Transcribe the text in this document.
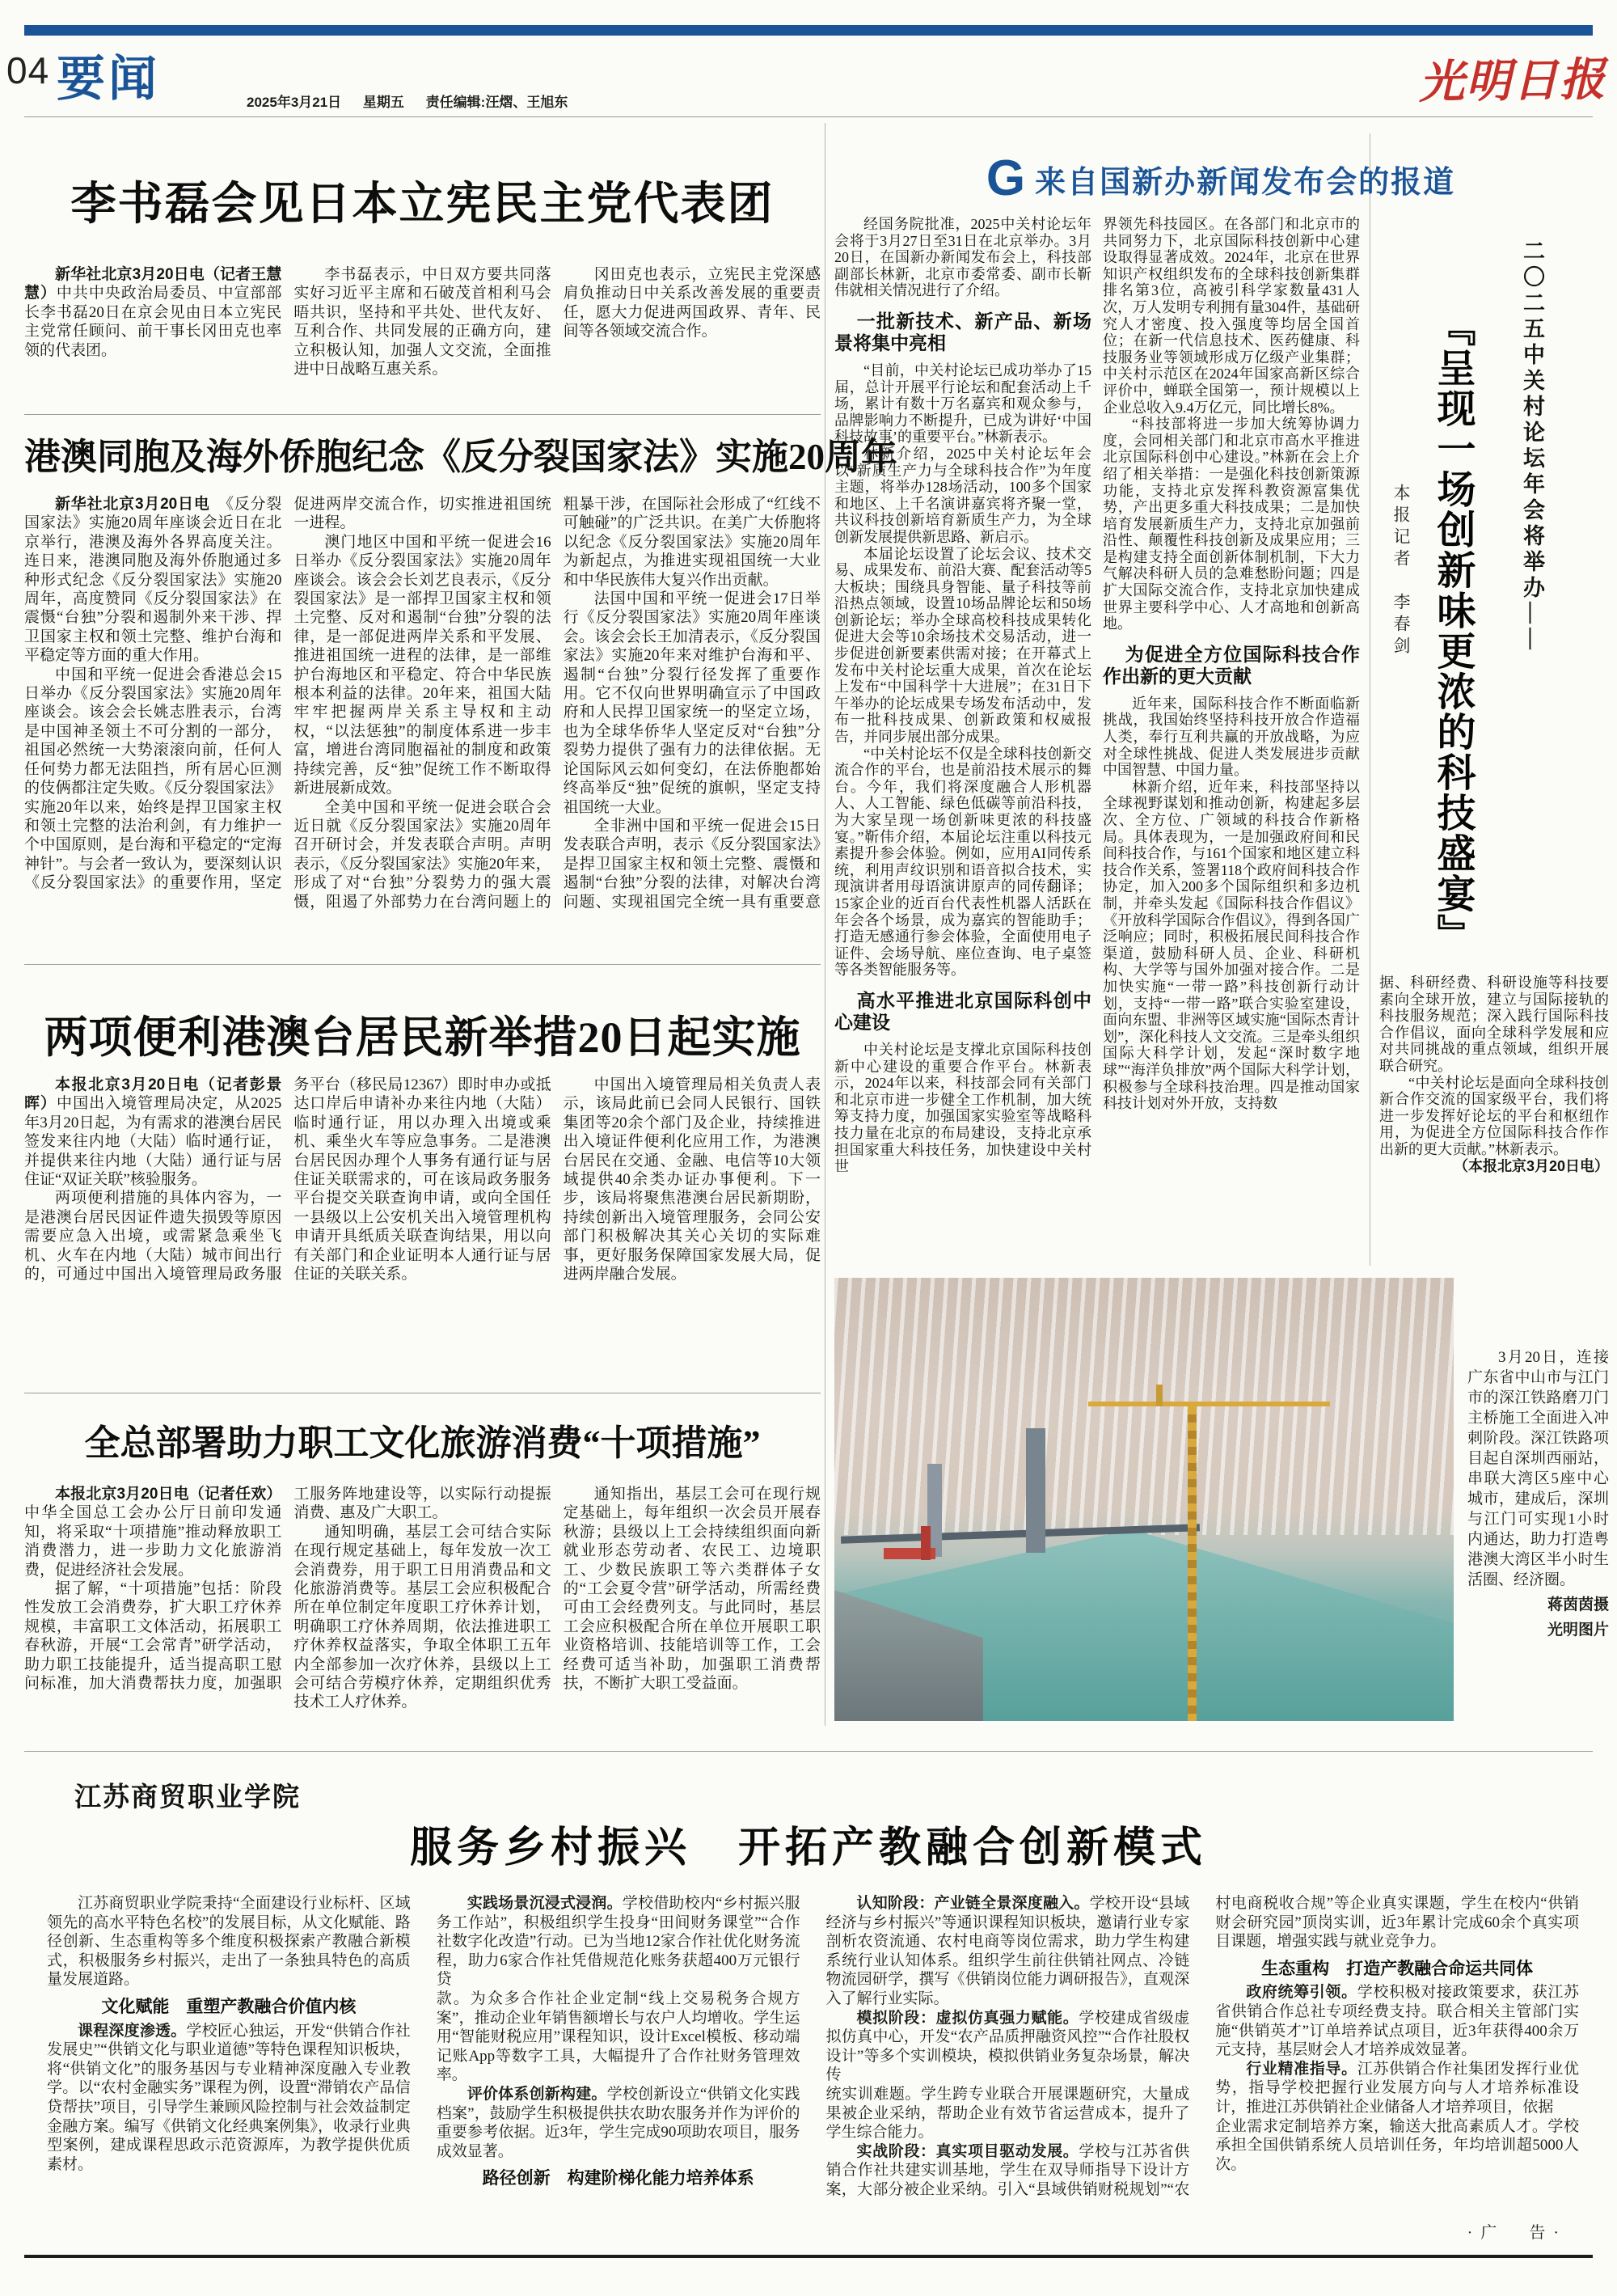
04 要闻	2025年3月21日 星期五 责任编辑:汪熠、王旭东	光明日报
李书磊会见日本立宪民主党代表团

新华社北京3月20日电（记者王慧慧）中共中央政治局委员、中宣部部长李书磊20日在京会见由日本立宪民主党常任顾问、前干事长冈田克也率领的代表团。

李书磊表示，中日双方要共同落实好习近平主席和石破茂首相利马会晤共识，坚持和平共处、世代友好、互利合作、共同发展的正确方向，建立积极认知，加强人文交流，全面推进中日战略互惠关系。

冈田克也表示，立宪民主党深感肩负推动日中关系改善发展的重要责任，愿大力促进两国政界、青年、民间等各领域交流合作。

港澳同胞及海外侨胞纪念《反分裂国家法》实施20周年

新华社北京3月20日电　 《反分裂国家法》实施20周年座谈会近日在北京举行，港澳及海外各界高度关注。连日来，港澳同胞及海外侨胞通过多种形式纪念《反分裂国家法》实施20周年，高度赞同《反分裂国家法》在震慑“台独”分裂和遏制外来干涉、捍卫国家主权和领土完整、维护台海和平稳定等方面的重大作用。

中国和平统一促进会香港总会15日举办《反分裂国家法》实施20周年座谈会。该会会长姚志胜表示，台湾是中国神圣领土不可分割的一部分，祖国必然统一大势滚滚向前，任何人任何势力都无法阻挡，所有居心叵测的伎俩都注定失败。《反分裂国家法》实施20年以来，始终是捍卫国家主权和领土完整的法治利剑，有力维护一个中国原则，是台海和平稳定的“定海神针”。与会者一致认为，要深刻认识《反分裂国家法》的重要作用，坚定促进两岸交流合作，切实推进祖国统一进程。

澳门地区中国和平统一促进会16日举办《反分裂国家法》实施20周年座谈会。该会会长刘艺良表示，《反分裂国家法》是一部捍卫国家主权和领土完整、反对和遏制“台独”分裂的法律，是一部促进两岸关系和平发展、推进祖国统一进程的法律，是一部维护台海地区和平稳定、符合中华民族根本利益的法律。20年来，祖国大陆牢牢把握两岸关系主导权和主动权，“以法惩独”的制度体系进一步丰富，增进台湾同胞福祉的制度和政策持续完善，反“独”促统工作不断取得新进展新成效。

全美中国和平统一促进会联合会近日就《反分裂国家法》实施20周年召开研讨会，并发表联合声明。声明表示，《反分裂国家法》实施20年来，形成了对“台独”分裂势力的强大震慑，阻遏了外部势力在台湾问题上的粗暴干涉，在国际社会形成了“红线不可触碰”的广泛共识。在美广大侨胞将以纪念《反分裂国家法》实施20周年为新起点，为推进实现祖国统一大业和中华民族伟大复兴作出贡献。

法国中国和平统一促进会17日举行《反分裂国家法》实施20周年座谈会。该会会长王加清表示，《反分裂国家法》实施20年来对维护台海和平、遏制“台独”分裂行径发挥了重要作用。它不仅向世界明确宣示了中国政府和人民捍卫国家统一的坚定立场，也为全球华侨华人坚定反对“台独”分裂势力提供了强有力的法律依据。无论国际风云如何变幻，在法侨胞都始终高举反“独”促统的旗帜，坚定支持祖国统一大业。

全非洲中国和平统一促进会15日发表联合声明，表示《反分裂国家法》是捍卫国家主权和领土完整、震慑和遏制“台独”分裂的法律，对解决台湾问题、实现祖国完全统一具有重要意

两项便利港澳台居民新举措20日起实施

本报北京3月20日电（记者彭景晖）中国出入境管理局决定，从2025年3月20日起，为有需求的港澳台居民签发来往内地（大陆）临时通行证，并提供来往内地（大陆）通行证与居住证“双证关联”核验服务。

两项便利措施的具体内容为，一是港澳台居民因证件遗失损毁等原因需要应急入出境，或需紧急乘坐飞机、火车在内地（大陆）城市间出行的，可通过中国出入境管理局政务服务平台（移民局12367）即时申办或抵达口岸后申请补办来往内地（大陆）临时通行证，用以办理入出境或乘机、乘坐火车等应急事务。二是港澳台居民因办理个人事务有通行证与居住证关联需求的，可在该局政务服务平台提交关联查询申请，或向全国任一县级以上公安机关出入境管理机构申请开具纸质关联查询结果，用以向有关部门和企业证明本人通行证与居住证的关联关系。

中国出入境管理局相关负责人表示，该局此前已会同人民银行、国铁集团等20余个部门及企业，持续推进出入境证件便利化应用工作，为港澳台居民在交通、金融、电信等10大领域提供40余类办证办事便利。下一步，该局将聚焦港澳台居民新期盼，持续创新出入境管理服务，会同公安部门积极解决其关心关切的实际难事，更好服务保障国家发展大局，促进两岸融合发展。

全总部署助力职工文化旅游消费“十项措施”

本报北京3月20日电（记者任欢）中华全国总工会办公厅日前印发通知，将采取“十项措施”推动释放职工消费潜力，进一步助力文化旅游消费，促进经济社会发展。

据了解，“十项措施”包括：阶段性发放工会消费券，扩大职工疗休养规模，丰富职工文体活动，拓展职工春秋游，开展“工会常青”研学活动，助力职工技能提升，适当提高职工慰问标准，加大消费帮扶力度，加强职工服务阵地建设等，以实际行动提振消费、惠及广大职工。

通知明确，基层工会可结合实际在现行规定基础上，每年发放一次工会消费券，用于职工日用消费品和文化旅游消费等。基层工会应积极配合所在单位制定年度职工疗休养计划，明确职工疗休养周期，依法推进职工疗休养权益落实，争取全体职工五年内全部参加一次疗休养，县级以上工会可结合劳模疗休养，定期组织优秀技术工人疗休养。

通知指出，基层工会可在现行规定基础上，每年组织一次会员开展春秋游；县级以上工会持续组织面向新就业形态劳动者、农民工、边境职工、少数民族职工等六类群体子女的“工会夏令营”研学活动，所需经费可由工会经费列支。与此同时，基层工会应积极配合所在单位开展职工职业资格培训、技能培训等工作，工会经费可适当补助，加强职工消费帮扶，不断扩大职工受益面。

G 来自国新办新闻发布会的报道

经国务院批准，2025中关村论坛年会将于3月27日至31日在北京举办。3月20日，在国新办新闻发布会上，科技部副部长林新，北京市委常委、副市长靳伟就相关情况进行了介绍。

一批新技术、新产品、新场景将集中亮相

“目前，中关村论坛已成功举办了15届，总计开展平行论坛和配套活动上千场，累计有数十万名嘉宾和观众参与，品牌影响力不断提升，已成为讲好‘中国科技故事’的重要平台。”林新表示。

林新介绍，2025中关村论坛年会以“新质生产力与全球科技合作”为年度主题，将举办128场活动，100多个国家和地区、上千名演讲嘉宾将齐聚一堂，共议科技创新培育新质生产力，为全球创新发展提供新思路、新启示。

本届论坛设置了论坛会议、技术交易、成果发布、前沿大赛、配套活动等5大板块；围绕具身智能、量子科技等前沿热点领域，设置10场品牌论坛和50场创新论坛；举办全球高校科技成果转化促进大会等10余场技术交易活动，进一步促进创新要素供需对接；在开幕式上发布中关村论坛重大成果，首次在论坛上发布“中国科学十大进展”；在31日下午举办的论坛成果专场发布活动中，发布一批科技成果、创新政策和权威报告，并同步展出部分成果。

“中关村论坛不仅是全球科技创新交流合作的平台，也是前沿技术展示的舞台。今年，我们将深度融合人形机器人、人工智能、绿色低碳等前沿科技，为大家呈现一场创新味更浓的科技盛宴。”靳伟介绍，本届论坛注重以科技元素提升参会体验。例如，应用AI同传系统，利用声纹识别和语音拟合技术，实现演讲者用母语演讲原声的同传翻译；15家企业的近百台代表性机器人活跃在年会各个场景，成为嘉宾的智能助手；打造无感通行参会体验，全面使用电子证件、会场导航、座位查询、电子桌签等各类智能服务等。

高水平推进北京国际科创中心建设

中关村论坛是支撑北京国际科技创新中心建设的重要合作平台。林新表示，2024年以来，科技部会同有关部门和北京市进一步健全工作机制，加大统筹支持力度，加强国家实验室等战略科技力量在北京的布局建设，支持北京承担国家重大科技任务，加快建设中关村世

界领先科技园区。在各部门和北京市的共同努力下，北京国际科技创新中心建设取得显著成效。2024年，北京在世界知识产权组织发布的全球科技创新集群排名第3位，高被引科学家数量431人次，万人发明专利拥有量304件，基础研究人才密度、投入强度等均居全国首位；在新一代信息技术、医药健康、科技服务业等领域形成万亿级产业集群；中关村示范区在2024年国家高新区综合评价中，蝉联全国第一，预计规模以上企业总收入9.4万亿元，同比增长8%。

“科技部将进一步加大统筹协调力度，会同相关部门和北京市高水平推进北京国际科创中心建设。”林新在会上介绍了相关举措：一是强化科技创新策源功能，支持北京发挥科教资源富集优势，产出更多重大科技成果；二是加快培育发展新质生产力，支持北京加强前沿性、颠覆性科技创新及成果应用；三是构建支持全面创新体制机制，下大力气解决科研人员的急难愁盼问题；四是扩大国际交流合作，支持北京加快建成世界主要科学中心、人才高地和创新高地。

为促进全方位国际科技合作作出新的更大贡献

近年来，国际科技合作不断面临新挑战，我国始终坚持科技开放合作造福人类，奉行互利共赢的开放战略，为应对全球性挑战、促进人类发展进步贡献中国智慧、中国力量。

林新介绍，近年来，科技部坚持以全球视野谋划和推动创新，构建起多层次、全方位、广领域的科技合作新格局。具体表现为，一是加强政府间和民间科技合作，与161个国家和地区建立科技合作关系，签署118个政府间科技合作协定，加入200多个国际组织和多边机制，并牵头发起《国际科技合作倡议》《开放科学国际合作倡议》，得到各国广泛响应；同时，积极拓展民间科技合作渠道，鼓励科研人员、企业、科研机构、大学等与国外加强对接合作。二是加快实施“一带一路”科技创新行动计划，支持“一带一路”联合实验室建设，面向东盟、非洲等区域实施“国际杰青计划”，深化科技人文交流。三是牵头组织国际大科学计划，发起“深时数字地球”“海洋负排放”两个国际大科学计划，积极参与全球科技治理。四是推动国家科技计划对外开放，支持数

二〇二五中关村论坛年会将举办——
『呈现一场创新味更浓的科技盛宴』
本报记者　李春剑

据、科研经费、科研设施等科技要素向全球开放，建立与国际接轨的科技服务规范；深入践行国际科技合作倡议，面向全球科学发展和应对共同挑战的重点领域，组织开展联合研究。

“中关村论坛是面向全球科技创新合作交流的国家级平台，我们将进一步发挥好论坛的平台和枢纽作用，为促进全方位国际科技合作作出新的更大贡献。”林新表示。

（本报北京3月20日电）

3月20日，连接广东省中山市与江门市的深江铁路磨刀门主桥施工全面进入冲刺阶段。深江铁路项目起自深圳西丽站，串联大湾区5座中心城市，建成后，深圳与江门可实现1小时内通达，助力打造粤港澳大湾区半小时生活圈、经济圈。

蒋茵茵摄

光明图片

江苏商贸职业学院
服务乡村振兴　开拓产教融合创新模式

江苏商贸职业学院秉持“全面建设行业标杆、区域领先的高水平特色名校”的发展目标，从文化赋能、路径创新、生态重构等多个维度积极探索产教融合新模式，积极服务乡村振兴，走出了一条独具特色的高质量发展道路。

文化赋能　重塑产教融合价值内核

课程深度渗透。学校匠心独运，开发“供销合作社发展史”“供销文化与职业道德”等特色课程知识板块，将“供销文化”的服务基因与专业精神深度融入专业教学。以“农村金融实务”课程为例，设置“滞销农产品信贷帮扶”项目，引导学生兼顾风险控制与社会效益制定金融方案。编写《供销文化经典案例集》，收录行业典型案例，建成课程思政示范资源库，为教学提供优质素材。

实践场景沉浸式浸润。学校借助校内“乡村振兴服务工作站”，积极组织学生投身“田间财务课堂”“合作社数字化改造”行动。已为当地12家合作社优化财务流程，助力6家合作社凭借规范化账务获超400万元银行贷

款。为众多合作社企业定制“线上交易税务合规方案”，推动企业年销售额增长与农户人均增收。学生运用“智能财税应用”课程知识，设计Excel模板、移动端记账App等数字工具，大幅提升了合作社财务管理效率。

评价体系创新构建。学校创新设立“供销文化实践档案”，鼓励学生积极提供扶农助农服务并作为评价的重要参考依据。近3年，学生完成90项助农项目，服务成效显著。

路径创新　构建阶梯化能力培养体系

认知阶段：产业链全景深度融入。学校开设“县域经济与乡村振兴”等通识课程知识板块，邀请行业专家剖析农资流通、农村电商等岗位需求，助力学生构建系统行业认知体系。组织学生前往供销社网点、冷链物流园研学，撰写《供销岗位能力调研报告》，直观深入了解行业实际。

模拟阶段：虚拟仿真强力赋能。学校建成省级虚拟仿真中心，开发“农产品质押融资风控”“合作社股权设计”等多个实训模块，模拟供销业务复杂场景，解决传

统实训难题。学生跨专业联合开展课题研究，大量成果被企业采纳，帮助企业有效节省运营成本，提升了学生综合能力。

实战阶段：真实项目驱动发展。学校与江苏省供销合作社共建实训基地，学生在双导师指导下设计方案，大部分被企业采纳。引入“县域供销财税规划”“农村电商税收合规”等企业真实课题，学生在校内“供销财会研究园”顶岗实训，近3年累计完成60余个真实项目课题，增强实践与就业竞争力。

生态重构　打造产教融合命运共同体

政府统筹引领。学校积极对接政策要求，获江苏省供销合作总社专项经费支持。联合相关主管部门实施“供销英才”订单培养试点项目，近3年获得400余万元支持，基层财会人才培养成效显著。

行业精准指导。江苏供销合作社集团发挥行业优势，指导学校把握行业发展方向与人才培养标准设计，推进江苏供销社企业储备人才培养项目，依据

企业需求定制培养方案，输送大批高素质人才。学校承担全国供销系统人员培训任务，年均培训超5000人次。

·广　告·
